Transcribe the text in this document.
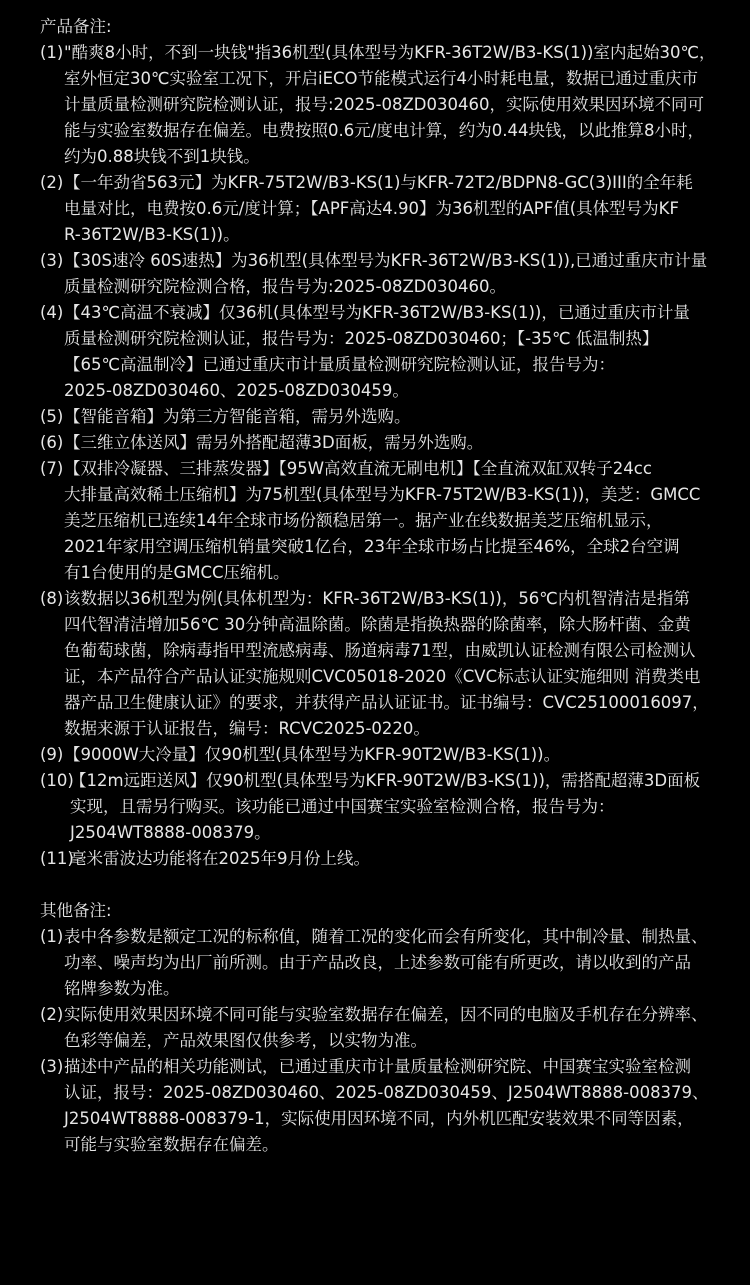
产品备注:
(1) "酷爽8小时，不到一块钱"指36机型(具体型号为KFR-36T2W/B3-KS(1))室内起始30℃，
室外恒定30℃实验室工况下，开启iECO节能模式运行4小时耗电量，数据已通过重庆市
计量质量检测研究院检测认证，报号:2025-08ZD030460，实际使用效果因环境不同可
能与实验室数据存在偏差。电费按照0.6元/度电计算，约为0.44块钱，以此推算8小时，
约为0.88块钱不到1块钱。
(2) 【一年劲省563元】为KFR-75T2W/B3-KS(1)与KFR-72T2/BDPN8-GC(3)III的全年耗
电量对比，电费按0.6元/度计算；【APF高达4.90】为36机型的APF值(具体型号为KF
R-36T2W/B3-KS(1))。
(3) 【30S速冷 60S速热】为36机型(具体型号为KFR-36T2W/B3-KS(1)),已通过重庆市计量
质量检测研究院检测合格，报告号为:2025-08ZD030460。
(4) 【43℃高温不衰减】仅36机(具体型号为KFR-36T2W/B3-KS(1))，已通过重庆市计量
质量检测研究院检测认证，报告号为：2025-08ZD030460；【-35℃ 低温制热】
【65℃高温制冷】已通过重庆市计量质量检测研究院检测认证，报告号为：
2025-08ZD030460、2025-08ZD030459。
(5) 【智能音箱】为第三方智能音箱，需另外选购。
(6) 【三维立体送风】需另外搭配超薄3D面板，需另外选购。
(7) 【双排冷凝器、三排蒸发器】【95W高效直流无刷电机】【全直流双缸双转子24cc
大排量高效稀土压缩机】为75机型(具体型号为KFR-75T2W/B3-KS(1))，美芝：GMCC
美芝压缩机已连续14年全球市场份额稳居第一。据产业在线数据美芝压缩机显示，
2021年家用空调压缩机销量突破1亿台，23年全球市场占比提至46%，全球2台空调
有1台使用的是GMCC压缩机。
(8) 该数据以36机型为例(具体机型为：KFR-36T2W/B3-KS(1))，56℃内机智清洁是指第
四代智清洁增加56℃ 30分钟高温除菌。除菌是指换热器的除菌率，除大肠杆菌、金黄
色葡萄球菌，除病毒指甲型流感病毒、肠道病毒71型，由威凯认证检测有限公司检测认
证，本产品符合产品认证实施规则CVC05018-2020《CVC标志认证实施细则 消费类电
器产品卫生健康认证》的要求，并获得产品认证证书。证书编号：CVC25100016097，
数据来源于认证报告，编号：RCVC2025-0220。
(9) 【9000W大冷量】仅90机型(具体型号为KFR-90T2W/B3-KS(1))。
(10)
【12m远距送风】仅90机型(具体型号为KFR-90T2W/B3-KS(1))，需搭配超薄3D面板
实现，且需另行购买。该功能已通过中国赛宝实验室检测合格，报告号为：
J2504WT8888-008379。
(11)
毫米雷波达功能将在2025年9月份上线。
其他备注:
(1) 表中各参数是额定工况的标称值，随着工况的变化而会有所变化，其中制冷量、制热量、
功率、噪声均为出厂前所测。由于产品改良，上述参数可能有所更改，请以收到的产品
铭牌参数为准。
(2) 实际使用效果因环境不同可能与实验室数据存在偏差，因不同的电脑及手机存在分辨率、
色彩等偏差，产品效果图仅供参考，以实物为准。
(3) 描述中产品的相关功能测试，已通过重庆市计量质量检测研究院、中国赛宝实验室检测
认证，报号：2025-08ZD030460、2025-08ZD030459、J2504WT8888-008379、
J2504WT8888-008379-1，实际使用因环境不同，内外机匹配安装效果不同等因素，
可能与实验室数据存在偏差。
